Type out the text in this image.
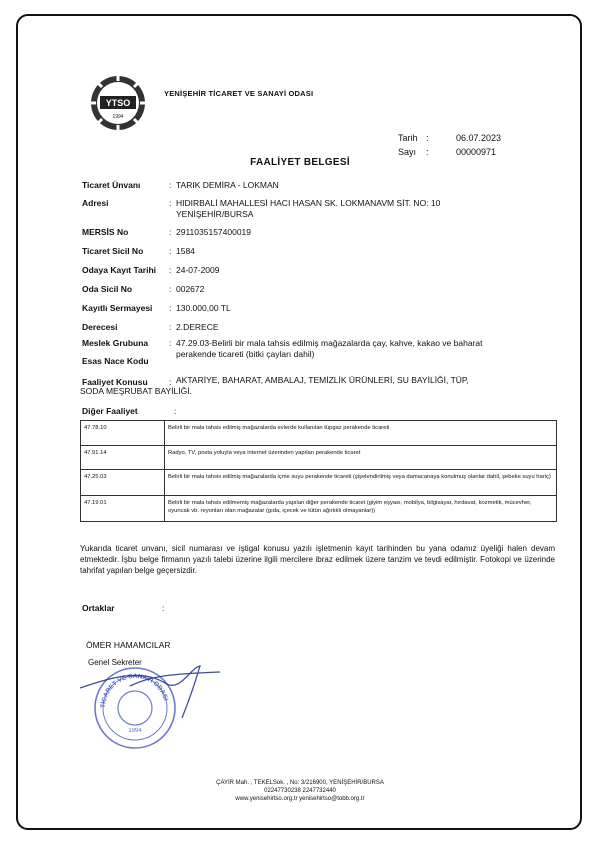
YTSO
1994
YENİŞEHİR TİCARET VE SANAYİ ODASI
Tarih :	06.07.2023
Sayı :	00000971
FAALİYET BELGESİ
Ticaret Ünvanı	: TARIK DEMİRA - LOKMAN
Adresi	: HIDIRBALİ MAHALLESİ HACI HASAN SK. LOKMANAVM SİT. NO: 10 YENİŞEHİR/BURSA
MERSİS No	: 2911035157400019
Ticaret Sicil No	: 1584
Odaya Kayıt Tarihi : 24-07-2009
Oda Sicil No	: 002672
Kayıtlı Sermayesi : 130.000,00 TL
Derecesi	: 2.DERECE
Meslek Grubuna : 47.29.03-Belirli bir mala tahsis edilmiş mağazalarda çay, kahve, kakao ve baharat perakende ticareti (bitki çayları dahil)
Esas Nace Kodu
Faaliyet Konusu	: AKTARİYE, BAHARAT, AMBALAJ, TEMİZLİK ÜRÜNLERİ, SU BAYİLİĞİ, TÜP, SODA MEŞRUBAT BAYİLİĞİ.
Diğer Faaliyet	:
47.78.10	Belirli bir mala tahsis edilmiş mağazalarda evlerde kullanılan tüpgaz perakende ticareti
47.91.14	Radyo, TV, posta yoluyla veya internet üzerinden yapılan perakende ticaret
47.25.03	Belirli bir mala tahsis edilmiş mağazalarda içme suyu perakende ticareti (şişelendirilmiş veya damacanaya konulmuş olanlar dahil, şebeke suyu hariç)
47.19.01	Belirli bir mala tahsis edilmemiş mağazalarda yapılan diğer perakende ticaret (giyim eşyası, mobilya, bilgisayar, hırdavat, kozmetik, mücevher, oyuncak vb. reyonları olan mağazalar (gıda, içecek ve tütün ağırlıklı olmayanlar))
Yukarıda ticaret unvanı, sicil numarası ve iştigal konusu yazılı işletmenin kayıt tarihinden bu yana odamız üyeliği halen devam etmektedir. İşbu belge firmanın yazılı talebi üzerine ilgili mercilere ibraz edilmek üzere tanzim ve tevdi edilmiştir. Fotokopi ve üzerinde tahrifat yapılan belge geçersizdir.
Ortaklar	:
ÖMER HAMAMCILAR
Genel Sekreter
TİCARET VE SANAYİ ODASI
1994
ÇAYIR Mah. , TEKELSok. , No: 3/216900, YENİŞEHİR/BURSA
02247730238 2247732440
www.yenisehirtso.org.tr yenisehirtso@tobb.org.tr
